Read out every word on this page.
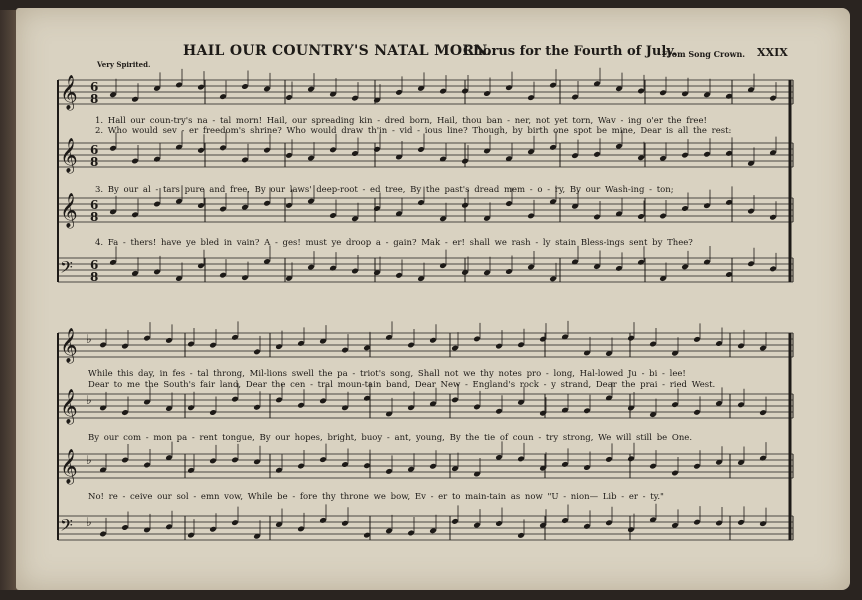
HAIL OUR COUNTRY'S NATAL MORN.
Chorus for the Fourth of July.
From Song Crown. XXIX
Very Spirited.
𝄞 6
8
𝄞 6
8
𝄞 6
8
𝄢 6
8
𝄞 ♭
𝄞 ♭
𝄞 ♭
𝄢 ♭
1. Hall our coun-try's na - tal morn! Hail, our spreading kin - dred born, Hail, thou ban - ner, not yet torn, Wav - ing o'er the free!
2. Who would sev - er freedom's shrine? Who would draw th'in - vid - ious line? Though, by birth one spot be mine, Dear is all the rest:
3. By our al - tars pure and free, By our laws' deep-root - ed tree, By the past's dread mem - o - ry, By our Wash-ing - ton;
4. Fa - thers! have ye bled in vain? A - ges! must ye droop a - gain? Mak - er! shall we rash - ly stain Bless-ings sent by Thee?
While this day, in fes - tal throng, Mil-lions swell the pa - triot's song, Shall not we thy notes pro - long, Hal-lowed Ju - bi - lee!
Dear to me the South's fair land, Dear the cen - tral moun-tain band, Dear New - England's rock - y strand, Dear the prai - ried West.
By our com - mon pa - rent tongue, By our hopes, bright, buoy - ant, young, By the tie of coun - try strong, We will still be One.
No! re - ceive our sol - emn vow, While be - fore thy throne we bow, Ev - er to main-tain as now "U - nion— Lib - er - ty."
